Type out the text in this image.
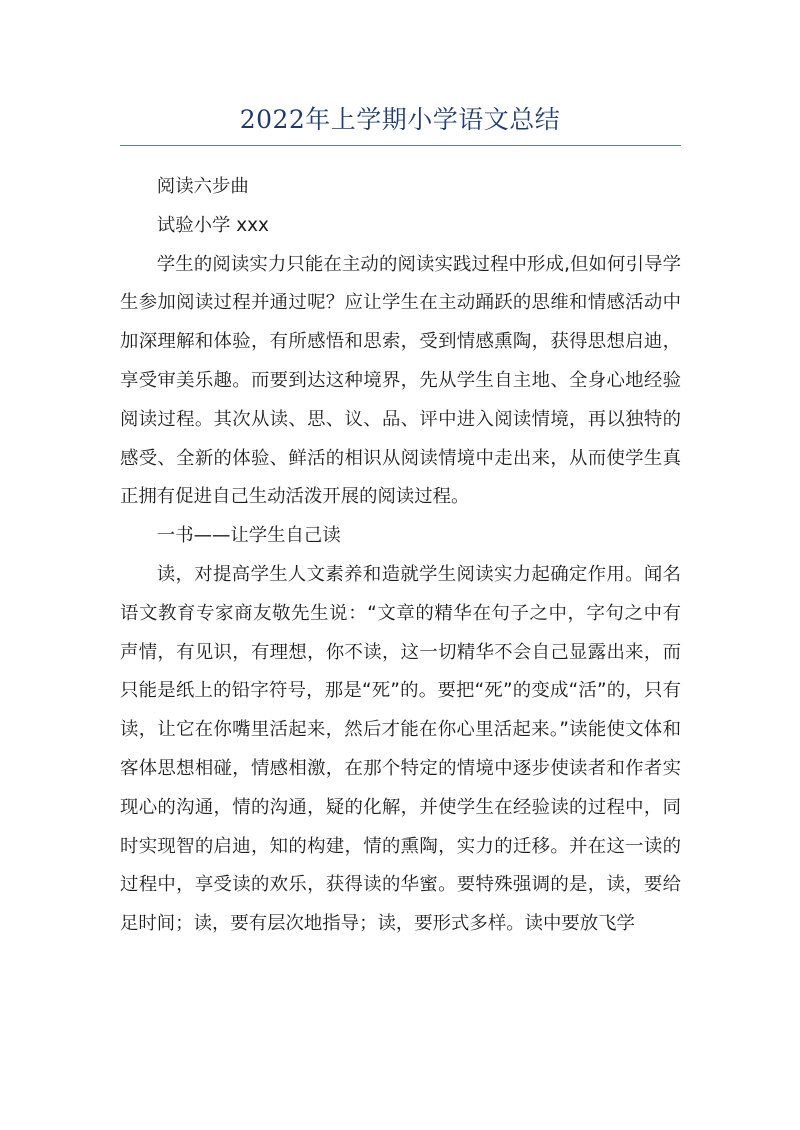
2022年上学期小学语文总结

阅读六步曲

试验小学 xxx

学生的阅读实力只能在主动的阅读实践过程中形成,但如何引导学生参加阅读过程并通过呢？应让学生在主动踊跃的思维和情感活动中加深理解和体验，有所感悟和思索，受到情感熏陶，获得思想启迪，享受审美乐趣。而要到达这种境界，先从学生自主地、全身心地经验阅读过程。其次从读、思、议、品、评中进入阅读情境，再以独特的感受、全新的体验、鲜活的相识从阅读情境中走出来，从而使学生真正拥有促进自己生动活泼开展的阅读过程。

一书——让学生自己读

读，对提高学生人文素养和造就学生阅读实力起确定作用。闻名语文教育专家商友敬先生说：“文章的精华在句子之中，字句之中有声情，有见识，有理想，你不读，这一切精华不会自己显露出来，而只能是纸上的铅字符号，那是“死”的。要把“死”的变成“活”的，只有读，让它在你嘴里活起来，然后才能在你心里活起来。”读能使文体和客体思想相碰，情感相激，在那个特定的情境中逐步使读者和作者实现心的沟通，情的沟通，疑的化解，并使学生在经验读的过程中，同时实现智的启迪，知的构建，情的熏陶，实力的迁移。并在这一读的过程中，享受读的欢乐，获得读的华蜜。要特殊强调的是，读，要给足时间；读，要有层次地指导；读，要形式多样。读中要放飞学
